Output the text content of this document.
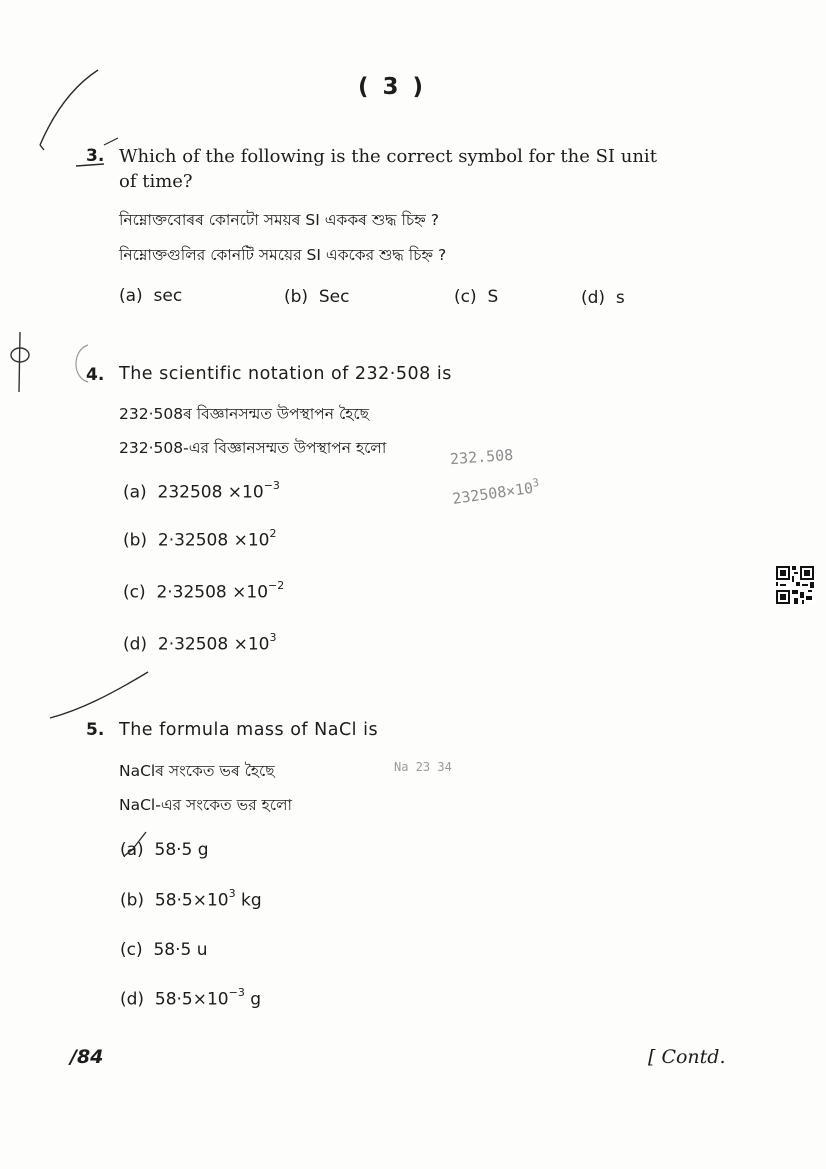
( 3 )
3. Which of the following is the correct symbol for the SI unit
of time?
নিম্নোক্তবোৰৰ কোনটো সময়ৰ SI এককৰ শুদ্ধ চিহ্ন ?
নিম্নোক্তগুলির কোনটি সময়ের SI এককের শুদ্ধ চিহ্ন ?
(a) sec	(b) Sec	(c) S	(d) s
4. The scientific notation of 232·508 is
232·508ৰ বিজ্ঞানসন্মত উপস্থাপন হৈছে
232·508-এর বিজ্ঞানসম্মত উপস্থাপন হলো
(a) $232508 \times 10^{-3}$
(b) $2\cdot 32508 \times 10^2$
(c) $2\cdot 32508 \times 10^{-2}$
(d) $2\cdot 32508 \times 10^3$
5. The formula mass of NaCl is
NaClৰ সংকেত ভৰ হৈছে
NaCl-এর সংকেত ভর হলো
(a) 58·5 g
(b) $58\cdot 5\times 10^3$ kg
(c) 58·5 u
(d) $58\cdot 5\times 10^{-3}$ g
232.508
$232508\times 10^3$
Na 23 34
/84	[ Contd.
